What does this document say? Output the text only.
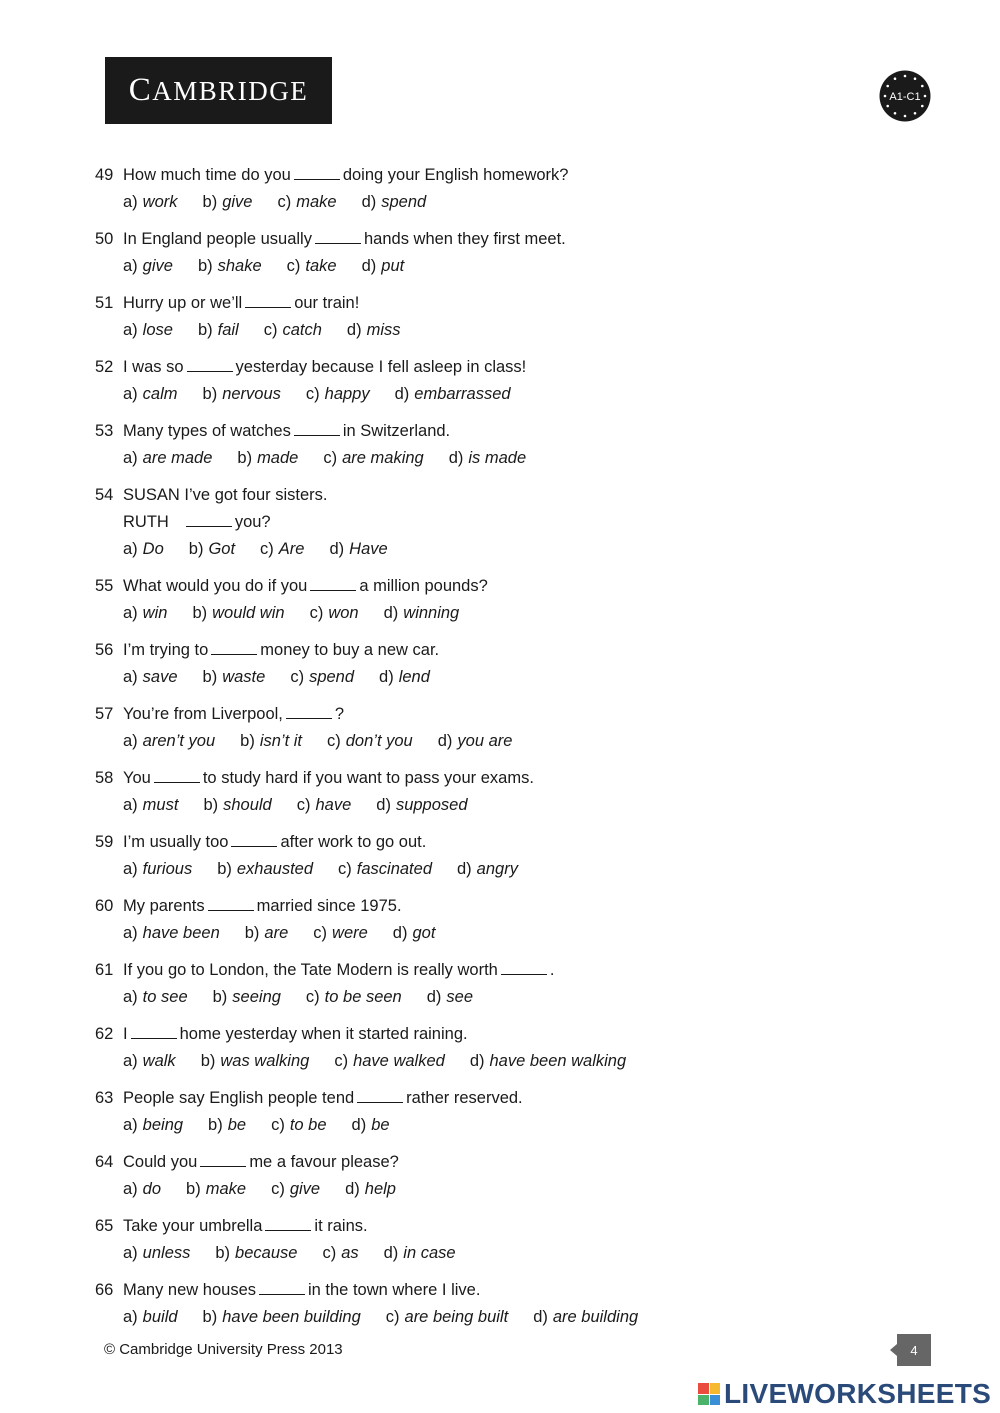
CAMBRIDGE	A1-C1
49 How much time do you	doing your English homework?
a) work b) give c) make d) spend
50 In England people usually	hands when they first meet.
a) give b) shake c) take d) put
51 Hurry up or we’ll	our train!
a) lose b) fail c) catch d) miss
52 I was so	yesterday because I fell asleep in class!
a) calm b) nervous c) happy d) embarrassed
53 Many types of watches	in Switzerland.
a) are made b) made c) are making d) is made
54 SUSAN I’ve got four sisters.
RUTH	you?
a) Do b) Got c) Are d) Have
55 What would you do if you	a million pounds?
a) win b) would win c) won d) winning
56 I’m trying to	money to buy a new car.
a) save b) waste c) spend d) lend
57 You’re from Liverpool,	?
a) aren’t you b) isn’t it c) don’t you d) you are
58 You	to study hard if you want to pass your exams.
a) must b) should c) have d) supposed
59 I’m usually too	after work to go out.
a) furious b) exhausted c) fascinated d) angry
60 My parents	married since 1975.
a) have been b) are c) were d) got
61 If you go to London, the Tate Modern is really worth	.
a) to see b) seeing c) to be seen d) see
62 I	home yesterday when it started raining.
a) walk b) was walking c) have walked d) have been walking
63 People say English people tend	rather reserved.
a) being b) be c) to be d) be
64 Could you	me a favour please?
a) do b) make c) give d) help
65 Take your umbrella	it rains.
a) unless b) because c) as d) in case
66 Many new houses	in the town where I live.
a) build b) have been building c) are being built d) are building
© Cambridge University Press 2013	4
LIVEWORKSHEETS
